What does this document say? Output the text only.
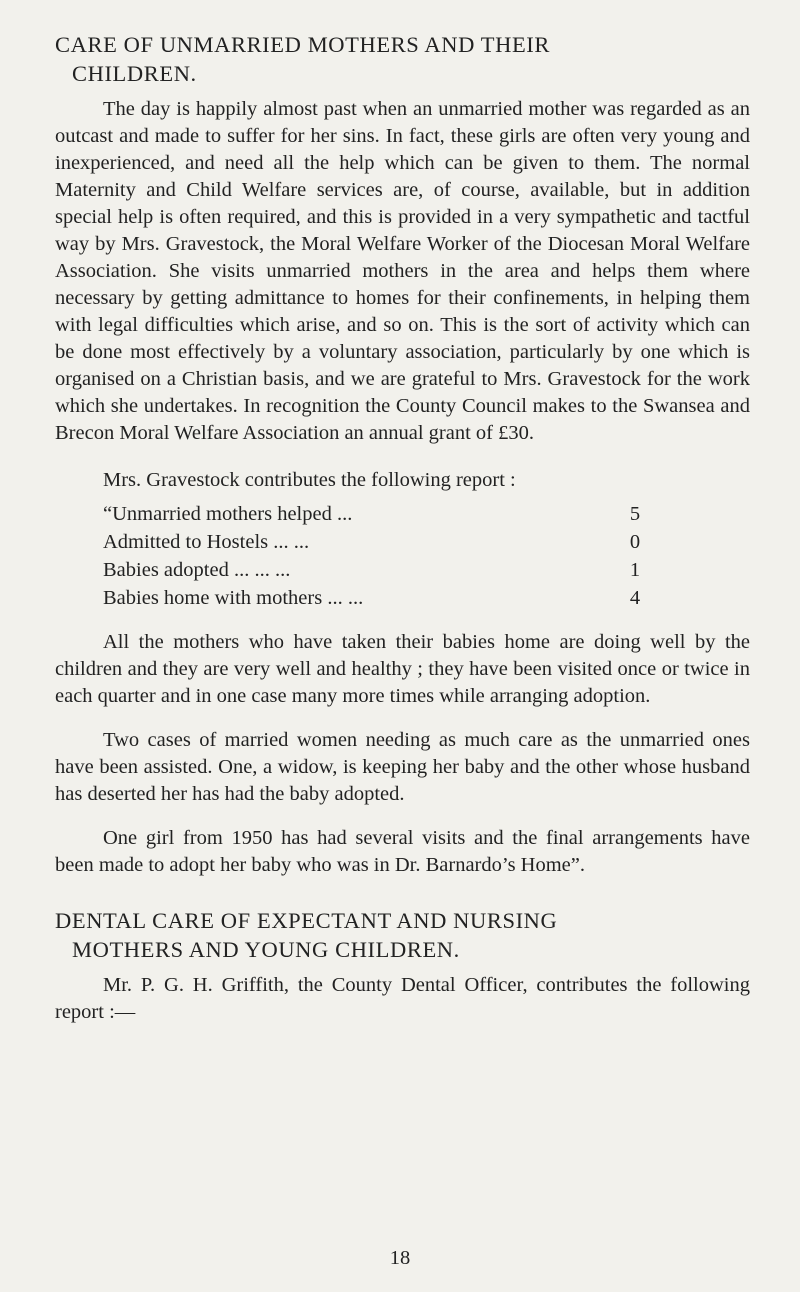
CARE OF UNMARRIED MOTHERS AND THEIR
CHILDREN.

The day is happily almost past when an unmarried mother was regarded as an outcast and made to suffer for her sins. In fact, these girls are often very young and inexperienced, and need all the help which can be given to them. The normal Maternity and Child Welfare services are, of course, available, but in addition special help is often required, and this is provided in a very sympathetic and tactful way by Mrs. Gravestock, the Moral Welfare Worker of the Diocesan Moral Welfare Association. She visits unmarried mothers in the area and helps them where necessary by getting admittance to homes for their confinements, in helping them with legal difficulties which arise, and so on. This is the sort of activity which can be done most effectively by a voluntary association, particularly by one which is organised on a Christian basis, and we are grateful to Mrs. Gravestock for the work which she undertakes. In recognition the County Council makes to the Swansea and Brecon Moral Welfare Association an annual grant of £30.

Mrs. Gravestock contributes the following report :

“Unmarried mothers helped ...	5
Admitted to Hostels ... ...	0
Babies adopted ... ... ...	1
Babies home with mothers ... ...	4

All the mothers who have taken their babies home are doing well by the children and they are very well and healthy ; they have been visited once or twice in each quarter and in one case many more times while arranging adoption.

Two cases of married women needing as much care as the unmarried ones have been assisted. One, a widow, is keeping her baby and the other whose husband has deserted her has had the baby adopted.

One girl from 1950 has had several visits and the final arrangements have been made to adopt her baby who was in Dr. Barnardo’s Home”.

DENTAL CARE OF EXPECTANT AND NURSING
MOTHERS AND YOUNG CHILDREN.

Mr. P. G. H. Griffith, the County Dental Officer, contributes the following report :—

18
